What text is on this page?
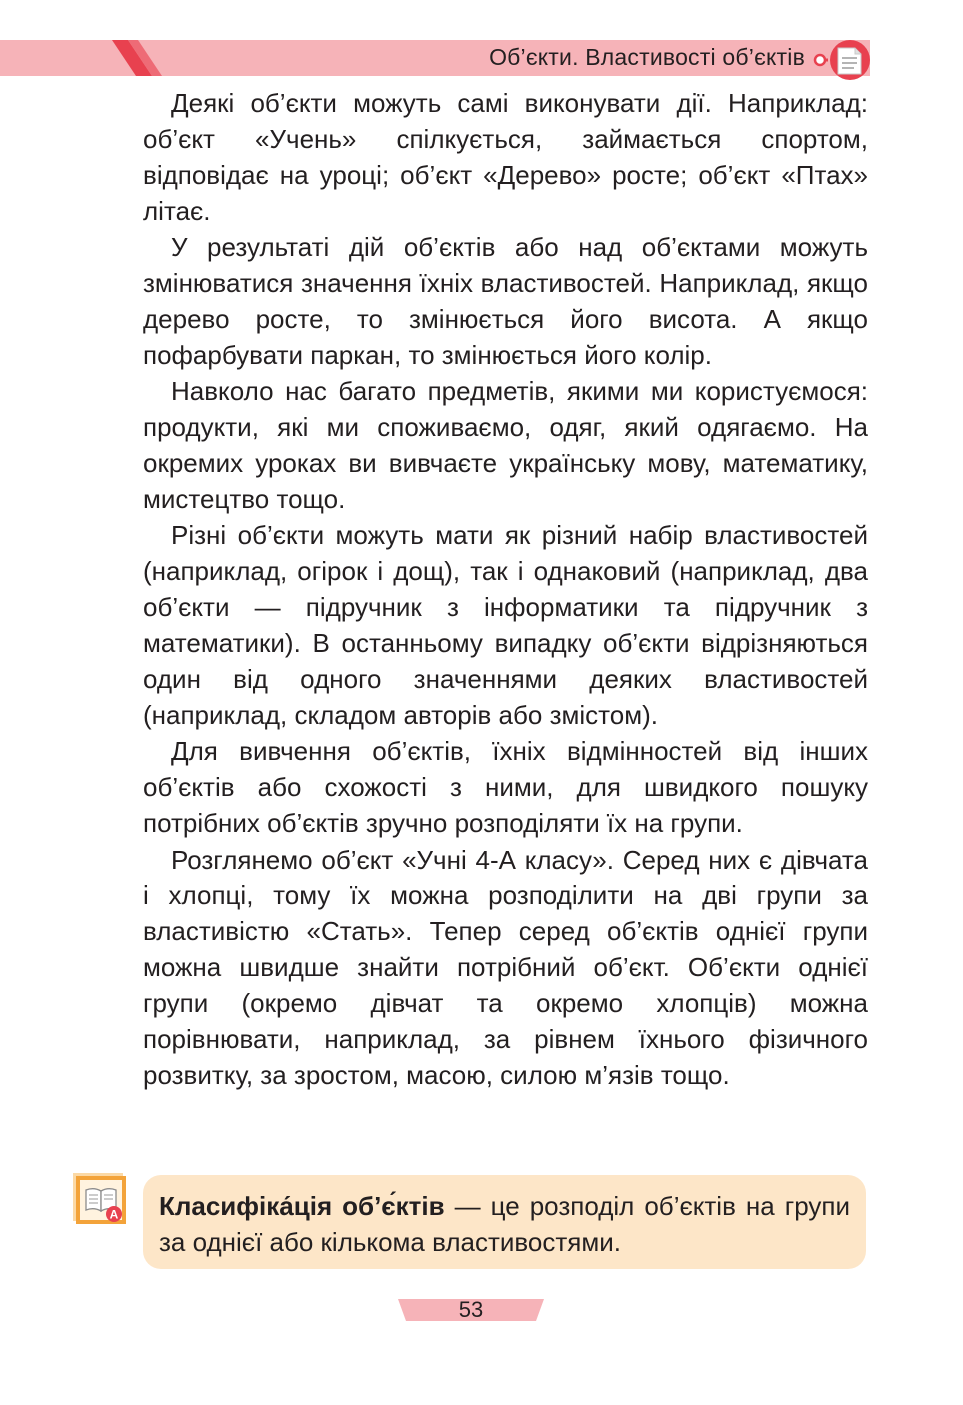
Об’єкти. Властивості об’єктів

Деякі об’єкти можуть самі виконувати дії. Наприклад: об’єкт «Учень» спілкується, займається спортом, відповідає на уроці; об’єкт «Дерево» росте; об’єкт «Птах» літає.

У результаті дій об’єктів або над об’єктами можуть змінюватися значення їхніх властивостей. Наприклад, якщо дерево росте, то змінюється його висота. А якщо пофарбувати паркан, то змінюється його колір.

Навколо нас багато предметів, якими ми користуємося: продукти, які ми споживаємо, одяг, який одягаємо. На окремих уроках ви вивчаєте українську мову, математику, мистецтво тощо.

Різні об’єкти можуть мати як різний набір властивостей (наприклад, огірок і дощ), так і однаковий (наприклад, два об’єкти — підручник з інформатики та підручник з математики). В останньому випадку об’єкти відрізняються один від одного значеннями деяких властивостей (наприклад, складом авторів або змістом).

Для вивчення об’єктів, їхніх відмінностей від інших об’єктів або схожості з ними, для швидкого пошуку потрібних об’єктів зручно розподіляти їх на групи.

Розглянемо об’єкт «Учні 4-А класу». Серед них є дівчата і хлопці, тому їх можна розподілити на дві групи за властивістю «Стать». Тепер серед об’єктів однієї групи можна швидше знайти потрібний об’єкт. Об’єкти однієї групи (окремо дівчат та окремо хлопців) можна порівнювати, наприклад, за рівнем їхнього фізичного розвитку, за зростом, масою, силою м’язів тощо.

A	Класифіка́ція об’є́ктів — це розподіл об’єктів на групи за однієї або кількома властивостями.
53
